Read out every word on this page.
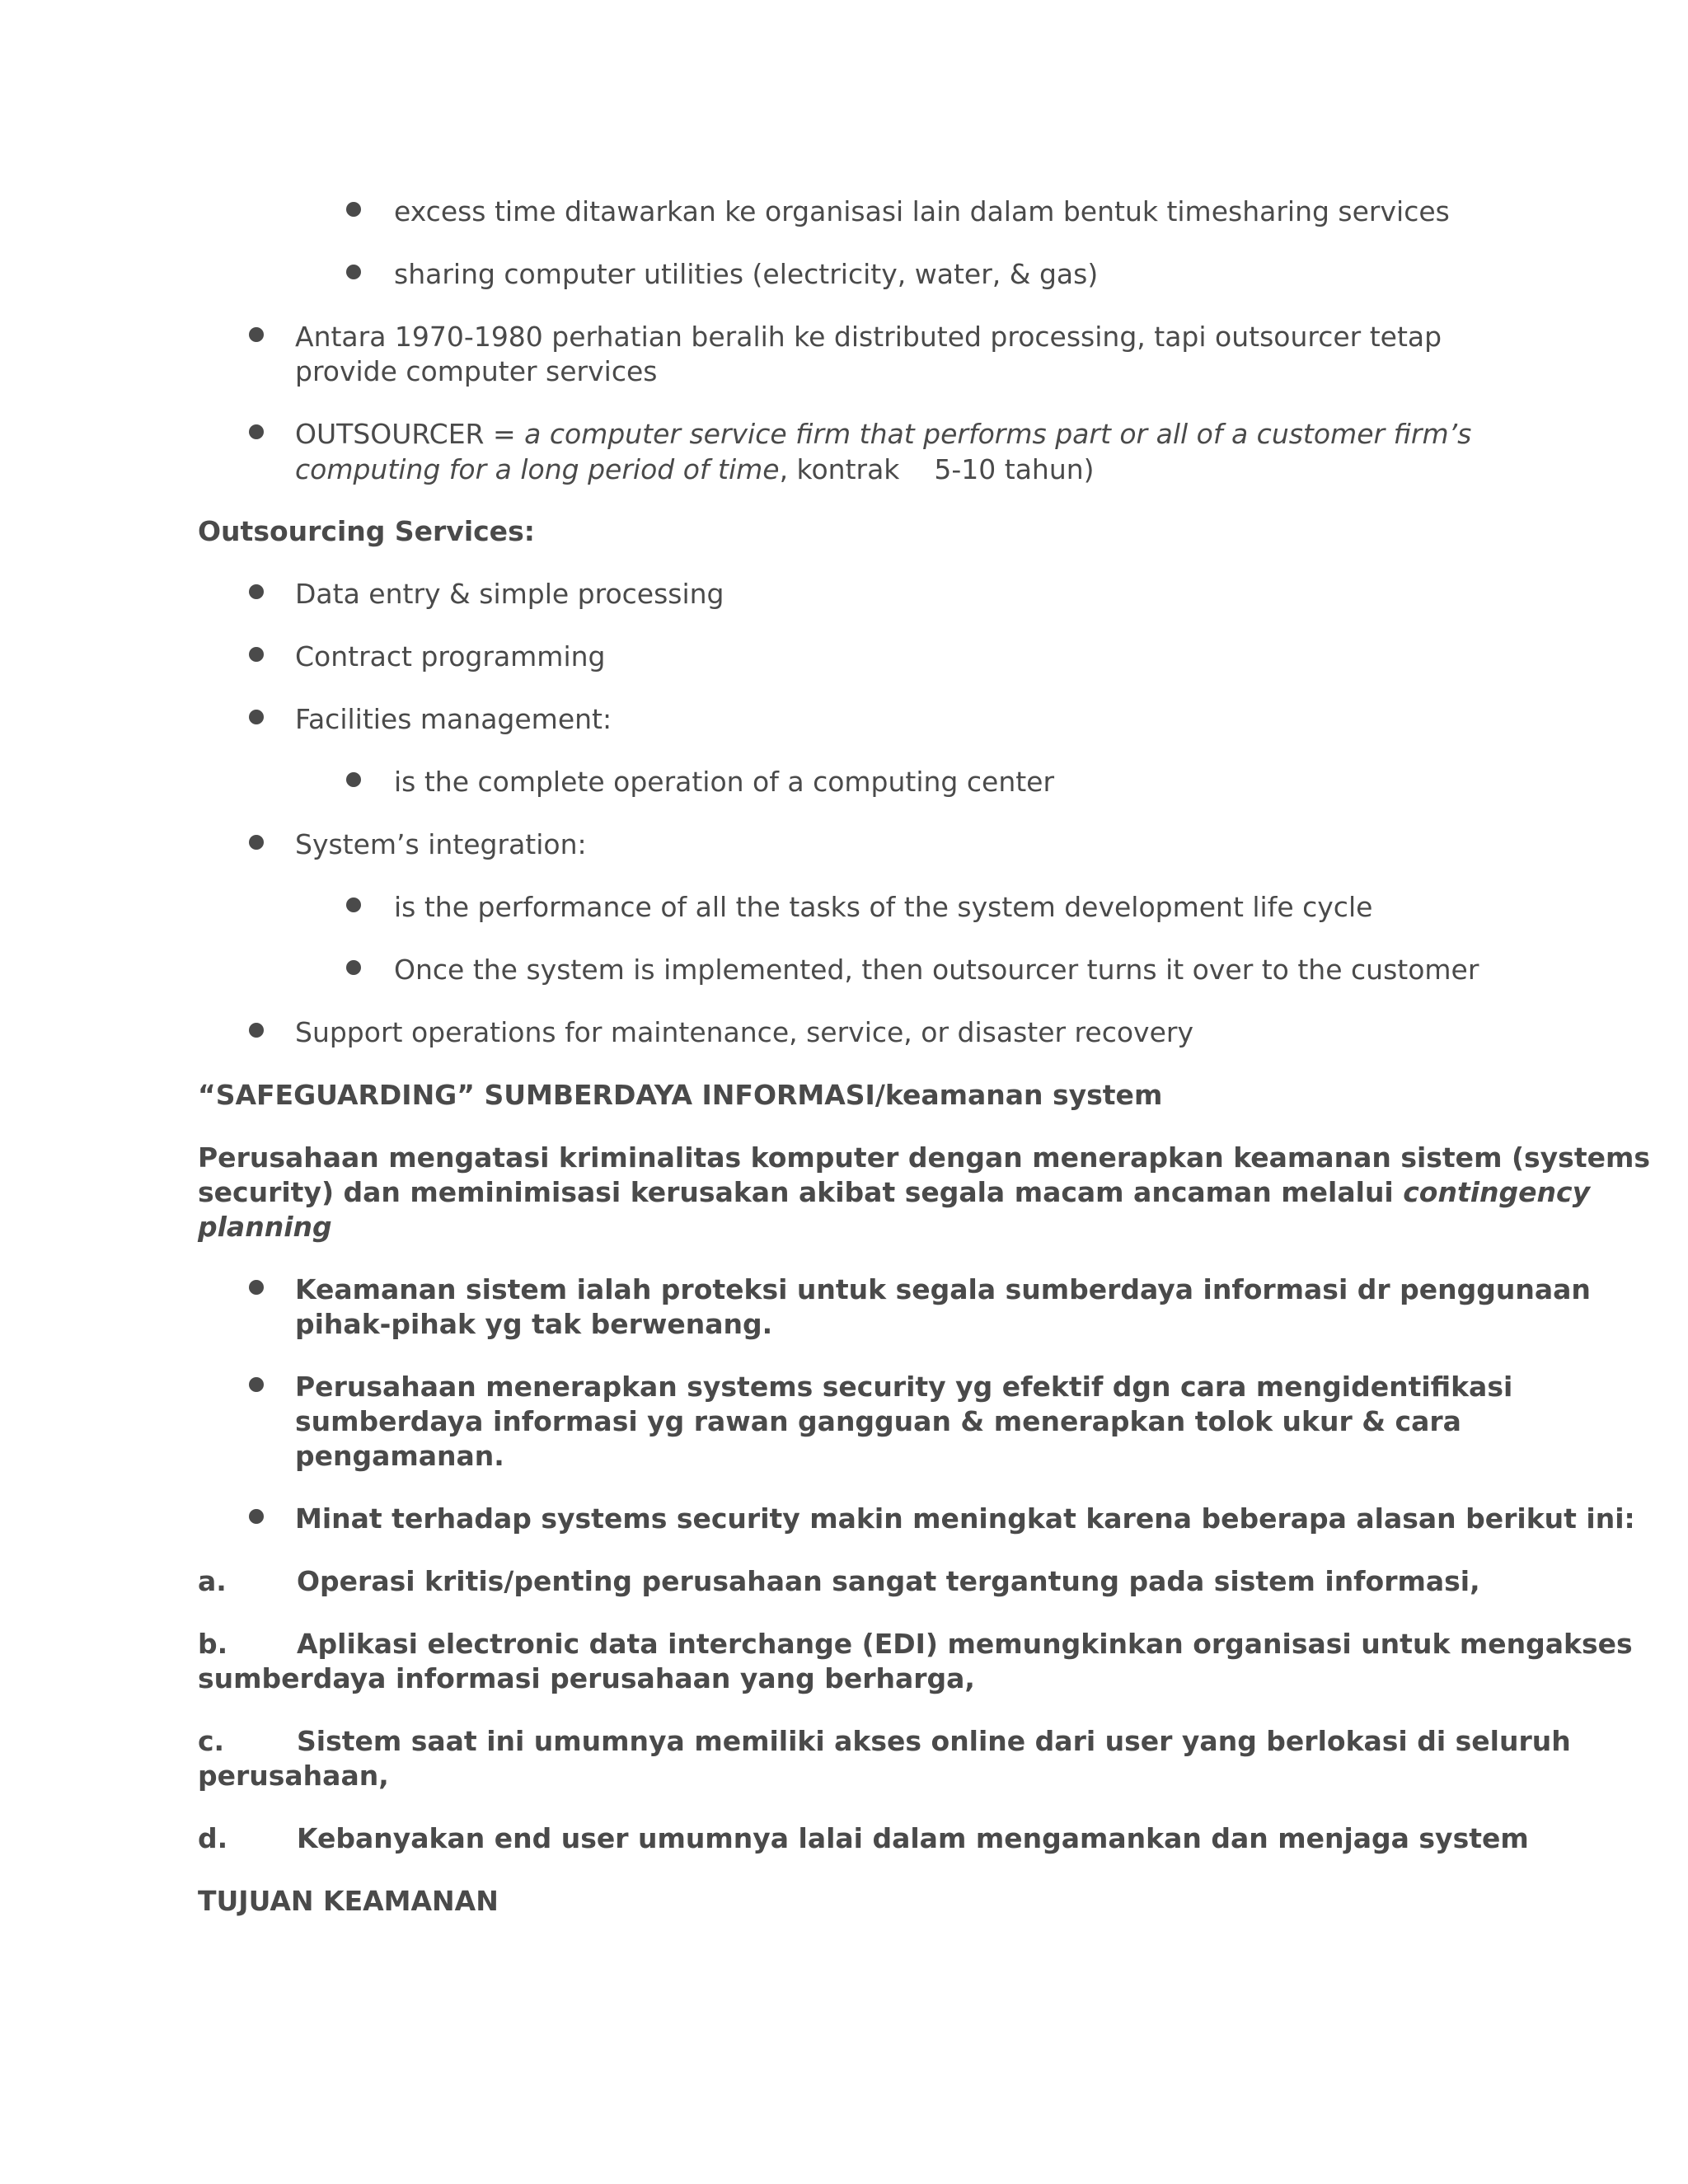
excess time ditawarkan ke organisasi lain dalam bentuk timesharing services
sharing computer utilities (electricity, water, & gas)
Antara 1970-1980 perhatian beralih ke distributed processing, tapi outsourcer tetap
provide computer services
OUTSOURCER = a computer service firm that performs part or all of a customer firm’s
computing for a long period of time, kontrak    5-10 tahun)
Outsourcing Services:
Data entry & simple processing
Contract programming
Facilities management:
is the complete operation of a computing center
System’s integration:
is the performance of all the tasks of the system development life cycle
Once the system is implemented, then outsourcer turns it over to the customer
Support operations for maintenance, service, or disaster recovery
“SAFEGUARDING” SUMBERDAYA INFORMASI/keamanan system
Perusahaan mengatasi kriminalitas komputer dengan menerapkan keamanan sistem (systems
security) dan meminimisasi kerusakan akibat segala macam ancaman melalui contingency
planning
Keamanan sistem ialah proteksi untuk segala sumberdaya informasi dr penggunaan
pihak-pihak yg tak berwenang.
Perusahaan menerapkan systems security yg efektif dgn cara mengidentifikasi
sumberdaya informasi yg rawan gangguan & menerapkan tolok ukur & cara
pengamanan.
Minat terhadap systems security makin meningkat karena beberapa alasan berikut ini:
a.	Operasi kritis/penting perusahaan sangat tergantung pada sistem informasi,
b.	Aplikasi electronic data interchange (EDI) memungkinkan organisasi untuk mengakses
sumberdaya informasi perusahaan yang berharga,
c.	Sistem saat ini umumnya memiliki akses online dari user yang berlokasi di seluruh
perusahaan,
d.	Kebanyakan end user umumnya lalai dalam mengamankan dan menjaga system
TUJUAN KEAMANAN
